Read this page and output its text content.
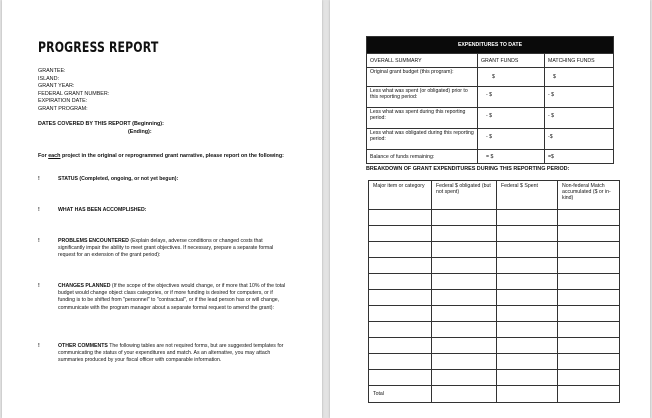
PROGRESS REPORT
GRANTEE:
ISLAND:
GRANT YEAR:
FEDERAL GRANT NUMBER:
EXPIRATION DATE:
GRANT PROGRAM:
DATES COVERED BY THIS REPORT (Beginning):
(Ending):
For each project in the original or reprogrammed grant narrative, please report on the following:
!	STATUS (Completed, ongoing, or not yet begun):
!	WHAT HAS BEEN ACCOMPLISHED:
!	PROBLEMS ENCOUNTERED (Explain delays, adverse conditions or changed costs that significantly impair the ability to meet grant objectives. If necessary, prepare a separate formal request for an extension of the grant period):
!	CHANGES PLANNED (If the scope of the objectives would change, or if more that 10% of the total budget would change object class categories, or if more funding is desired for computers, or if funding is to be shifted from "personnel" to "contractual", or if the lead person has or will change, communicate with the program manager about a separate formal request to amend the grant):
!	OTHER COMMENTS The following tables are not required forms, but are suggested templates for communicating the status of your expenditures and match. As an alternative, you may attach summaries produced by your fiscal officer with comparable information.
EXPENDITURES TO DATE		
OVERALL SUMMARY	GRANT FUNDS	MATCHING FUNDS
Original grant budget (this program):	$	$
Less what was spent (or obligated) prior to this reporting period:	- $	- $
Less what was spent during this reporting period:	- $	- $
Less what was obligated during this reporting period:	- $	-$
Balance of funds remaining:	= $	=$
BREAKDOWN OF GRANT EXPENDITURES DURING THIS REPORTING PERIOD:
Major item or category	Federal $ obligated (but not spent)	Federal $ Spent	Non-federal Match accumulated ($ or in-kind)

Total			
